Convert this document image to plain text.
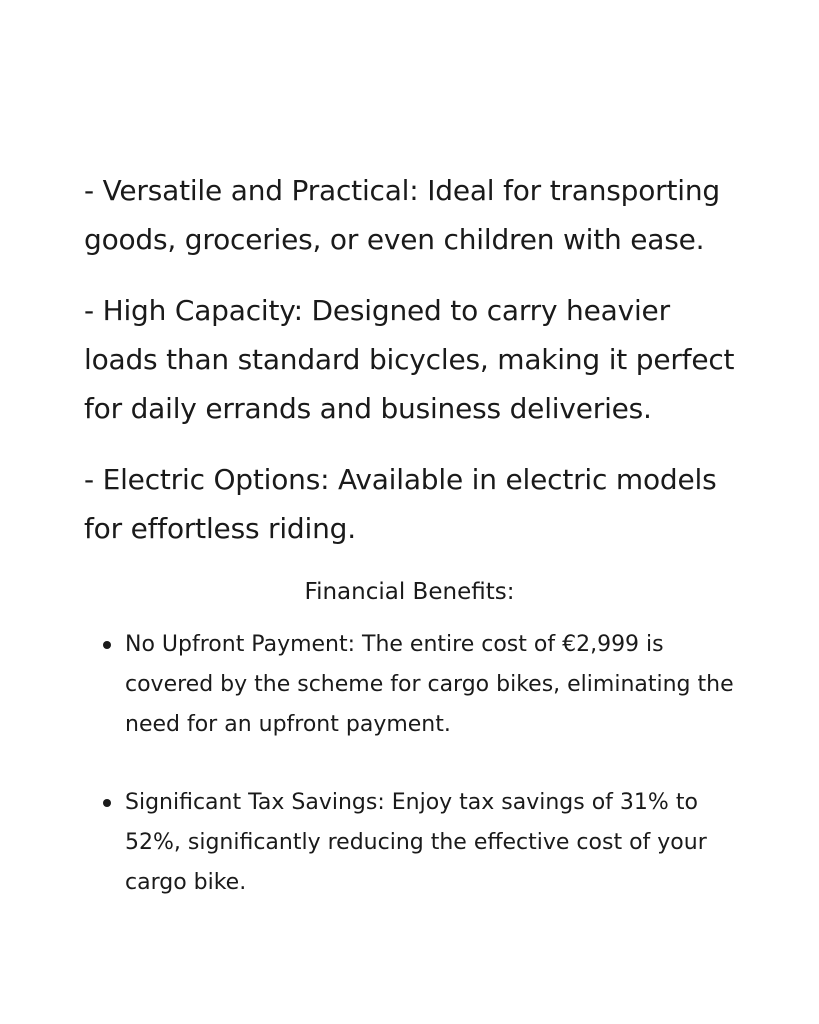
- Versatile and Practical: Ideal for transporting goods, groceries, or even children with ease.

- High Capacity: Designed to carry heavier loads than standard bicycles, making it perfect for daily errands and business deliveries.

- Electric Options: Available in electric models for effortless riding.

Financial Benefits:
No Upfront Payment: The entire cost of €2,999 is covered by the scheme for cargo bikes, eliminating the need for an upfront payment.
Significant Tax Savings: Enjoy tax savings of 31% to 52%, significantly reducing the effective cost of your cargo bike.
